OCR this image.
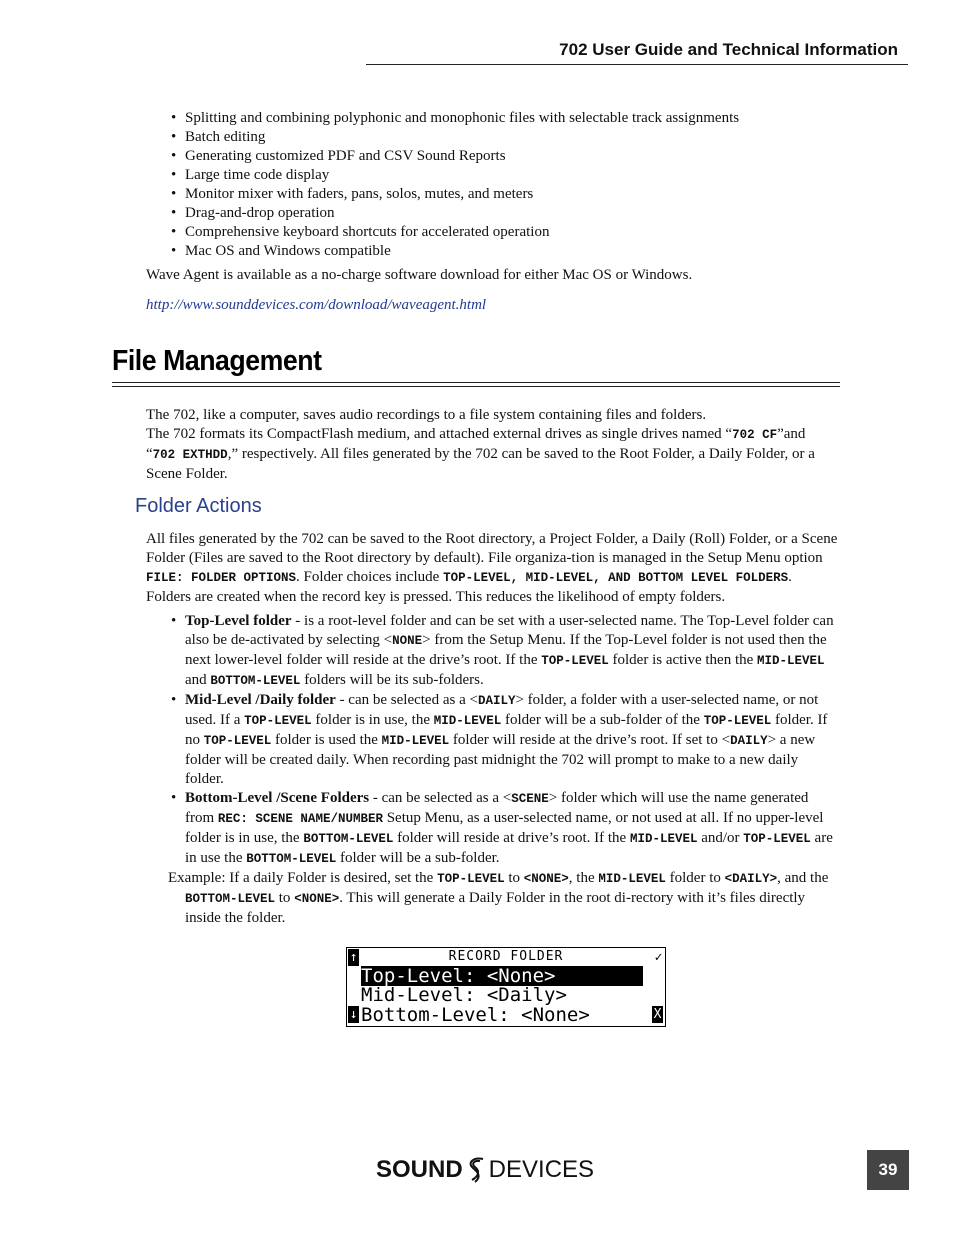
702 User Guide and Technical Information
• Splitting and combining polyphonic and monophonic files with selectable track assignments
• Batch editing
• Generating customized PDF and CSV Sound Reports
• Large time code display
• Monitor mixer with faders, pans, solos, mutes, and meters
• Drag-and-drop operation
• Comprehensive keyboard shortcuts for accelerated operation
• Mac OS and Windows compatible

Wave Agent is available as a no-charge software download for either Mac OS or Windows.

http://www.sounddevices.com/download/waveagent.html

File Management

The 702, like a computer, saves audio recordings to a file system containing files and folders.

The 702 formats its CompactFlash medium, and attached external drives as single drives named “702 CF”and “702 EXTHDD,” respectively. All files generated by the 702 can be saved to the Root Folder, a Daily Folder, or a Scene Folder.

Folder Actions

All files generated by the 702 can be saved to the Root directory, a Project Folder, a Daily (Roll) Folder, or a Scene Folder (Files are saved to the Root directory by default). File organiza-tion is managed in the Setup Menu option FILE: FOLDER OPTIONS. Folder choices include TOP-LEVEL, MID-LEVEL, AND BOTTOM LEVEL FOLDERS. Folders are created when the record key is pressed. This reduces the likelihood of empty folders.

• Top-Level folder - is a root-level folder and can be set with a user-selected name. The Top-Level folder can also be de-activated by selecting <NONE> from the Setup Menu. If the Top-Level folder is not used then the next lower-level folder will reside at the drive’s root. If the TOP-LEVEL folder is active then the MID-LEVEL and BOTTOM-LEVEL folders will be its sub-folders.
• Mid-Level /Daily folder - can be selected as a <DAILY> folder, a folder with a user-selected name, or not used. If a TOP-LEVEL folder is in use, the MID-LEVEL folder will be a sub-folder of the TOP-LEVEL folder. If no TOP-LEVEL folder is used the MID-LEVEL folder will reside at the drive’s root. If set to <DAILY> a new folder will be created daily. When recording past midnight the 702 will prompt to make to a new daily folder.
• Bottom-Level /Scene Folders - can be selected as a <SCENE> folder which will use the name generated from REC: SCENE NAME/NUMBER Setup Menu, as a user-selected name, or not used at all. If no upper-level folder is in use, the BOTTOM-LEVEL folder will reside at drive’s root. If the MID-LEVEL and/or TOP-LEVEL are in use the BOTTOM-LEVEL folder will be a sub-folder.

Example: If a daily Folder is desired, set the TOP-LEVEL to <NONE>, the MID-LEVEL folder to <DAILY>, and the BOTTOM-LEVEL to <NONE>. This will generate a Daily Folder in the root di-rectory with it’s files directly inside the folder.

RECORD FOLDER
↑	✓
Top-Level: <None>
Mid-Level: <Daily>
Bottom-Level: <None>
↓	X
SOUND DEVICES	39
